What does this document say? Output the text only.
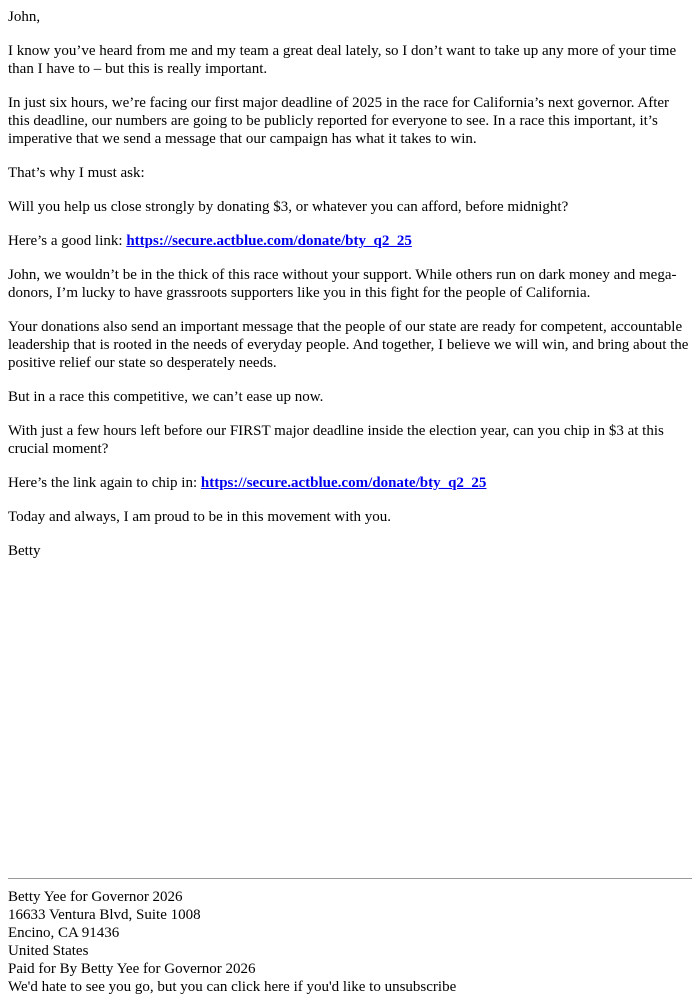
John,

I know you’ve heard from me and my team a great deal lately, so I don’t want to take up any more of your time than I have to – but this is really important.

In just six hours, we’re facing our first major deadline of 2025 in the race for California’s next governor. After this deadline, our numbers are going to be publicly reported for everyone to see. In a race this important, it’s imperative that we send a message that our campaign has what it takes to win.

That’s why I must ask:

Will you help us close strongly by donating $3, or whatever you can afford, before midnight?

Here’s a good link: https://secure.actblue.com/donate/bty_q2_25

John, we wouldn’t be in the thick of this race without your support. While others run on dark money and mega-donors, I’m lucky to have grassroots supporters like you in this fight for the people of California.

Your donations also send an important message that the people of our state are ready for competent, accountable leadership that is rooted in the needs of everyday people. And together, I believe we will win, and bring about the positive relief our state so desperately needs.

But in a race this competitive, we can’t ease up now.

With just a few hours left before our FIRST major deadline inside the election year, can you chip in $3 at this crucial moment?

Here’s the link again to chip in: https://secure.actblue.com/donate/bty_q2_25

Today and always, I am proud to be in this movement with you.

Betty

Betty Yee for Governor 2026
16633 Ventura Blvd, Suite 1008
Encino, CA 91436
United States
Paid for By Betty Yee for Governor 2026
We'd hate to see you go, but you can click here if you'd like to unsubscribe
